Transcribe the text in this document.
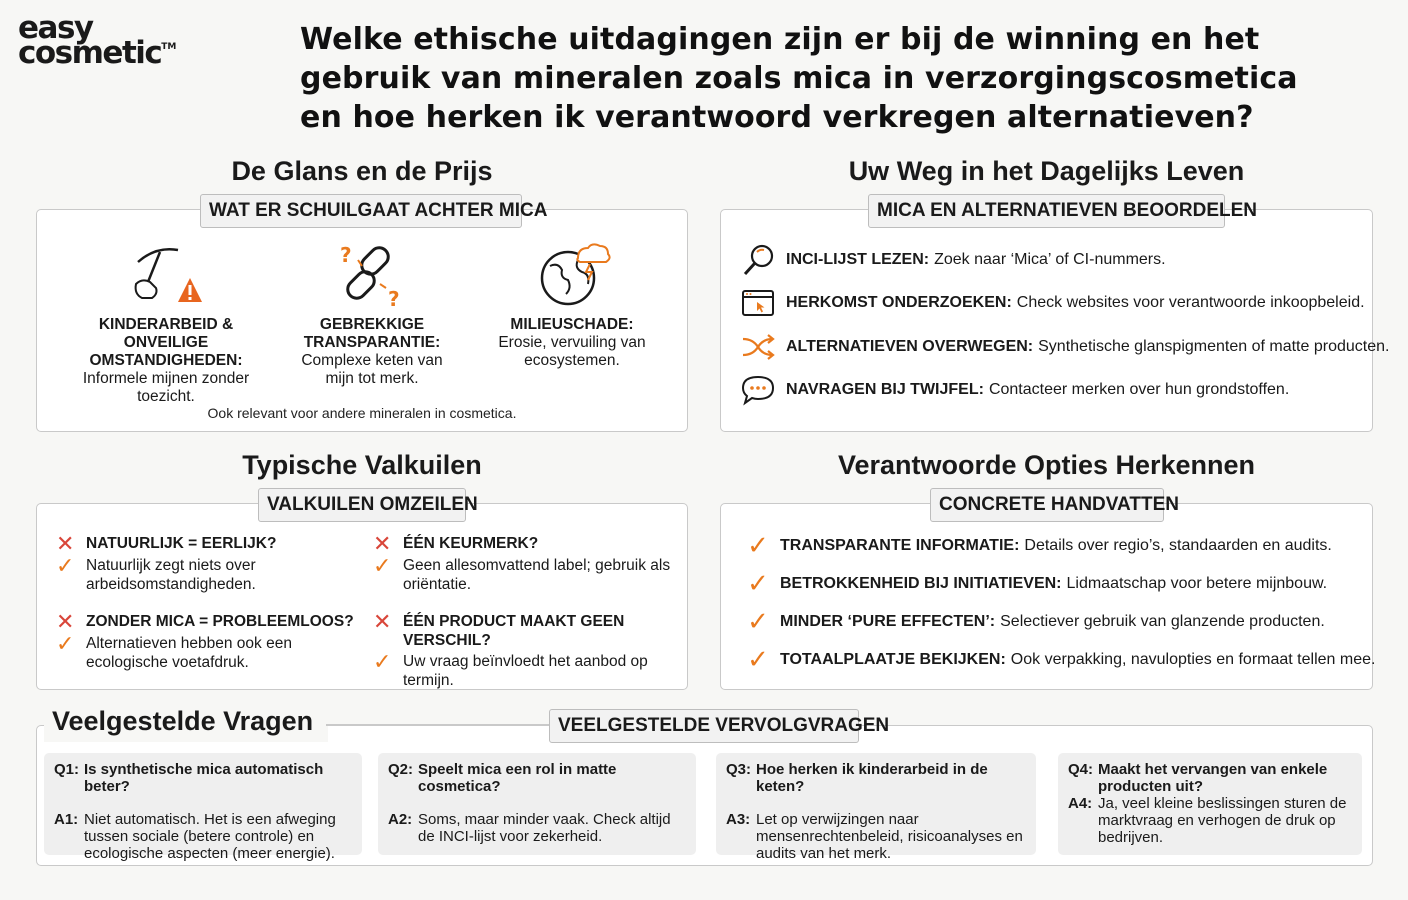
easy
cosmetic™	Welke ethische uitdagingen zijn er bij de winning en het gebruik van mineralen zoals mica in verzorgingscosmetica en hoe herken ik verantwoord verkregen alternatieven?
De Glans en de Prijs
WAT ER SCHUILGAAT ACHTER MICA
KINDERARBEID & ONVEILIGE OMSTANDIGHEDEN:
Informele mijnen zonder toezicht.
?
?
GEBREKKIGE TRANSPARANTIE:
Complexe keten van mijn tot merk.
MILIEUSCHADE:
Erosie, vervuiling van ecosystemen.
Ook relevant voor andere mineralen in cosmetica.
Uw Weg in het Dagelijks Leven
MICA EN ALTERNATIEVEN BEOORDELEN
INCI-LIJST LEZEN: Zoek naar ‘Mica’ of CI-nummers.
HERKOMST ONDERZOEKEN: Check websites voor verantwoorde inkoopbeleid.
ALTERNATIEVEN OVERWEGEN: Synthetische glanspigmenten of matte producten.
NAVRAGEN BIJ TWIJFEL: Contacteer merken over hun grondstoffen.
Typische Valkuilen
VALKUILEN OMZEILEN
✕ NATUURLIJK = EERLIJK?
✓ Natuurlijk zegt niets over arbeidsomstandigheden.
✕ ÉÉN KEURMERK?
✓ Geen allesomvattend label; gebruik als oriëntatie.
✕ ZONDER MICA = PROBLEEMLOOS?
✓ Alternatieven hebben ook een ecologische voetafdruk.
✕ ÉÉN PRODUCT MAAKT GEEN VERSCHIL?
✓ Uw vraag beïnvloedt het aanbod op termijn.
Verantwoorde Opties Herkennen
CONCRETE HANDVATTEN
✓ TRANSPARANTE INFORMATIE: Details over regio’s, standaarden en audits.
✓ BETROKKENHEID BIJ INITIATIEVEN: Lidmaatschap voor betere mijnbouw.
✓ MINDER ‘PURE EFFECTEN’: Selectiever gebruik van glanzende producten.
✓ TOTAALPLAATJE BEKIJKEN: Ook verpakking, navulopties en formaat tellen mee.
Veelgestelde Vragen	VEELGESTELDE VERVOLGVRAGEN
Q1: Is synthetische mica automatisch beter?
A1: Niet automatisch. Het is een afweging tussen sociale (betere controle) en ecologische aspecten (meer energie).
Q2: Speelt mica een rol in matte cosmetica?
A2: Soms, maar minder vaak. Check altijd de INCI-lijst voor zekerheid.
Q3: Hoe herken ik kinderarbeid in de keten?
A3: Let op verwijzingen naar mensenrechtenbeleid, risicoanalyses en audits van het merk.
Q4: Maakt het vervangen van enkele producten uit?
A4: Ja, veel kleine beslissingen sturen de marktvraag en verhogen de druk op bedrijven.
